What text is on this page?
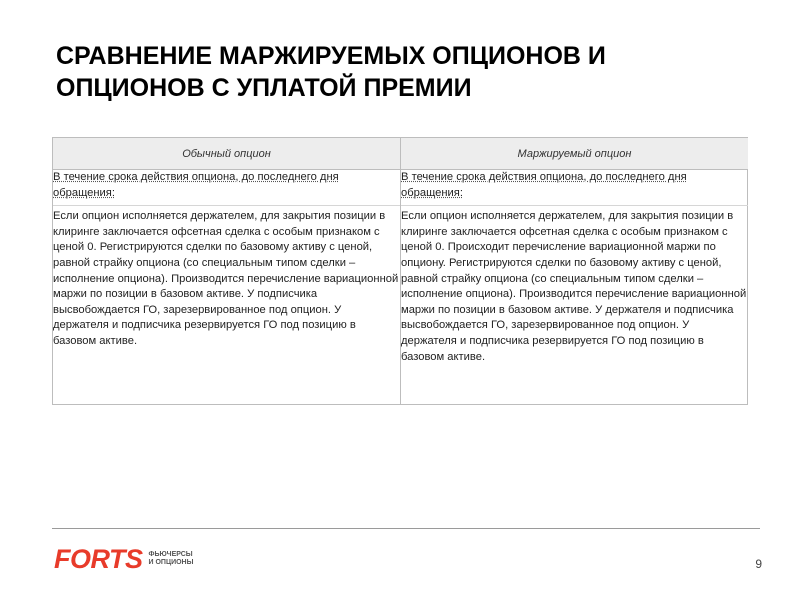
СРАВНЕНИЕ МАРЖИРУЕМЫХ ОПЦИОНОВ И
ОПЦИОНОВ С УПЛАТОЙ ПРЕМИИ
Обычный опцион	Маржируемый опцион

В течение срока действия опциона, до последнего дня обращения:

Если опцион исполняется держателем, для закрытия позиции в клиринге заключается офсетная сделка с особым признаком с ценой 0. Регистрируются сделки по базовому активу с ценой, равной страйку опциона (со специальным типом сделки – исполнение опциона). Производится перечисление вариационной маржи по позиции в базовом активе. У подписчика высвобождается ГО, зарезервированное под опцион. У держателя и подписчика резервируется ГО под позицию в базовом активе.

В течение срока действия опциона, до последнего дня обращения:

Если опцион исполняется держателем, для закрытия позиции в клиринге заключается офсетная сделка с особым признаком с ценой 0. Происходит перечисление вариационной маржи по опциону. Регистрируются сделки по базовому активу с ценой, равной страйку опциона (со специальным типом сделки – исполнение опциона). Производится перечисление вариационной маржи по позиции в базовом активе. У держателя и подписчика высвобождается ГО, зарезервированное под опцион. У держателя и подписчика резервируется ГО под позицию в базовом активе.

FORTS ФЬЮЧЕРСЫ
И ОПЦИОНЫ	9
